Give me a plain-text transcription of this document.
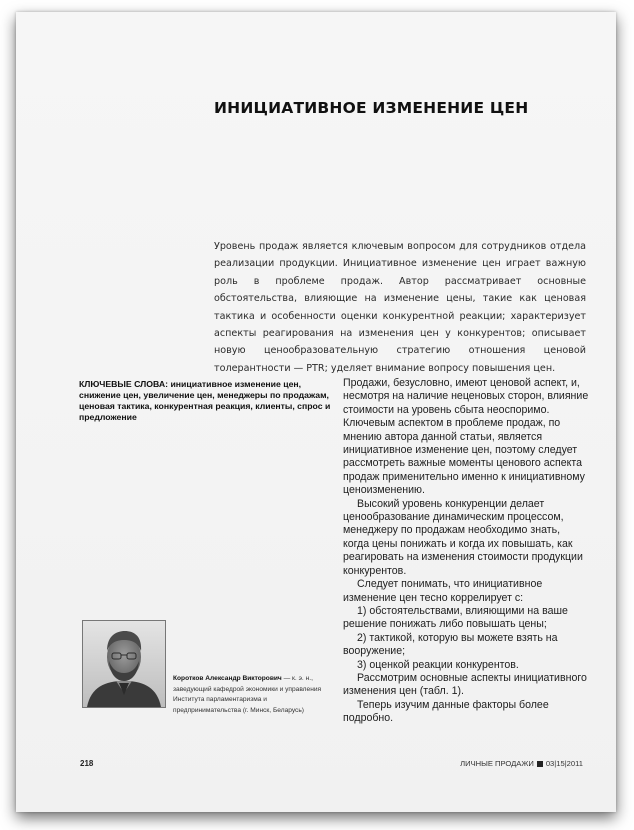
ИНИЦИАТИВНОЕ ИЗМЕНЕНИЕ ЦЕН

Уровень продаж является ключевым вопросом для сотрудников отдела реализации продукции. Инициативное изменение цен играет важную роль в проблеме продаж. Автор рассматривает основные обстоятельства, влияющие на изменение цены, такие как ценовая тактика и особенности оценки конкурентной реакции; характеризует аспекты реагирования на изменения цен у конкурентов; описывает новую ценообразовательную стратегию отношения ценовой толерантности — PTR; уделяет внимание вопросу повышения цен.

КЛЮЧЕВЫЕ СЛОВА: инициативное изменение цен, снижение цен, увеличение цен, менеджеры по продажам, ценовая тактика, конкурентная реакция, клиенты, спрос и предложение

Продажи, безусловно, имеют ценовой аспект, и, несмотря на наличие неценовых сторон, влияние стоимости на уровень сбыта неоспоримо. Ключевым аспектом в проблеме продаж, по мнению автора данной статьи, является инициативное изменение цен, поэтому следует рассмотреть важные моменты ценового аспекта продаж применительно именно к инициативному ценоизменению.

Высокий уровень конкуренции делает ценообразование динамическим процессом, менеджеру по продажам необходимо знать, когда цены понижать и когда их повышать, как реагировать на изменения стоимости продукции конкурентов.

Следует понимать, что инициативное изменение цен тесно коррелирует с:

1) обстоятельствами, влияющими на ваше решение понижать либо повышать цены;

2) тактикой, которую вы можете взять на вооружение;

3) оценкой реакции конкурентов.

Рассмотрим основные аспекты инициативного изменения цен (табл. 1).

Теперь изучим данные факторы более подробно.

Коротков Александр Викторович — к. э. н., заведующий кафедрой экономики и управления Института парламентаризма и предпринимательства (г. Минск, Беларусь)

218	ЛИЧНЫЕ ПРОДАЖИ 03|15|2011
